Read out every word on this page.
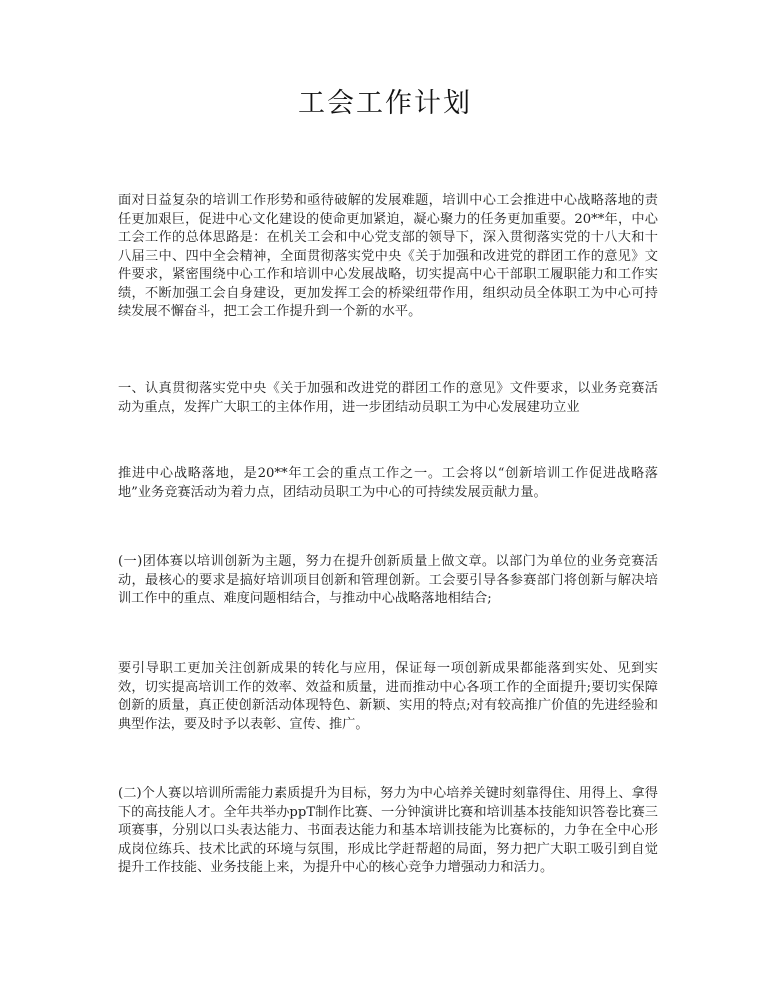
工会工作计划
面对日益复杂的培训工作形势和亟待破解的发展难题，培训中心工会推进中心战略落地的责任更加艰巨，促进中心文化建设的使命更加紧迫，凝心聚力的任务更加重要。20**年，中心工会工作的总体思路是：在机关工会和中心党支部的领导下，深入贯彻落实党的十八大和十八届三中、四中全会精神，全面贯彻落实党中央《关于加强和改进党的群团工作的意见》文件要求，紧密围绕中心工作和培训中心发展战略，切实提高中心干部职工履职能力和工作实绩，不断加强工会自身建设，更加发挥工会的桥梁纽带作用，组织动员全体职工为中心可持续发展不懈奋斗，把工会工作提升到一个新的水平。
一、认真贯彻落实党中央《关于加强和改进党的群团工作的意见》文件要求，以业务竞赛活动为重点，发挥广大职工的主体作用，进一步团结动员职工为中心发展建功立业
推进中心战略落地，是20**年工会的重点工作之一。工会将以“创新培训工作促进战略落地”业务竞赛活动为着力点，团结动员职工为中心的可持续发展贡献力量。
(一)团体赛以培训创新为主题，努力在提升创新质量上做文章。以部门为单位的业务竞赛活动，最核心的要求是搞好培训项目创新和管理创新。工会要引导各参赛部门将创新与解决培训工作中的重点、难度问题相结合，与推动中心战略落地相结合;
要引导职工更加关注创新成果的转化与应用，保证每一项创新成果都能落到实处、见到实效，切实提高培训工作的效率、效益和质量，进而推动中心各项工作的全面提升;要切实保障创新的质量，真正使创新活动体现特色、新颖、实用的特点;对有较高推广价值的先进经验和典型作法，要及时予以表彰、宣传、推广。
(二)个人赛以培训所需能力素质提升为目标，努力为中心培养关键时刻靠得住、用得上、拿得下的高技能人才。全年共举办ppT制作比赛、一分钟演讲比赛和培训基本技能知识答卷比赛三项赛事，分别以口头表达能力、书面表达能力和基本培训技能为比赛标的，力争在全中心形成岗位练兵、技术比武的环境与氛围，形成比学赶帮超的局面，努力把广大职工吸引到自觉提升工作技能、业务技能上来，为提升中心的核心竞争力增强动力和活力。
